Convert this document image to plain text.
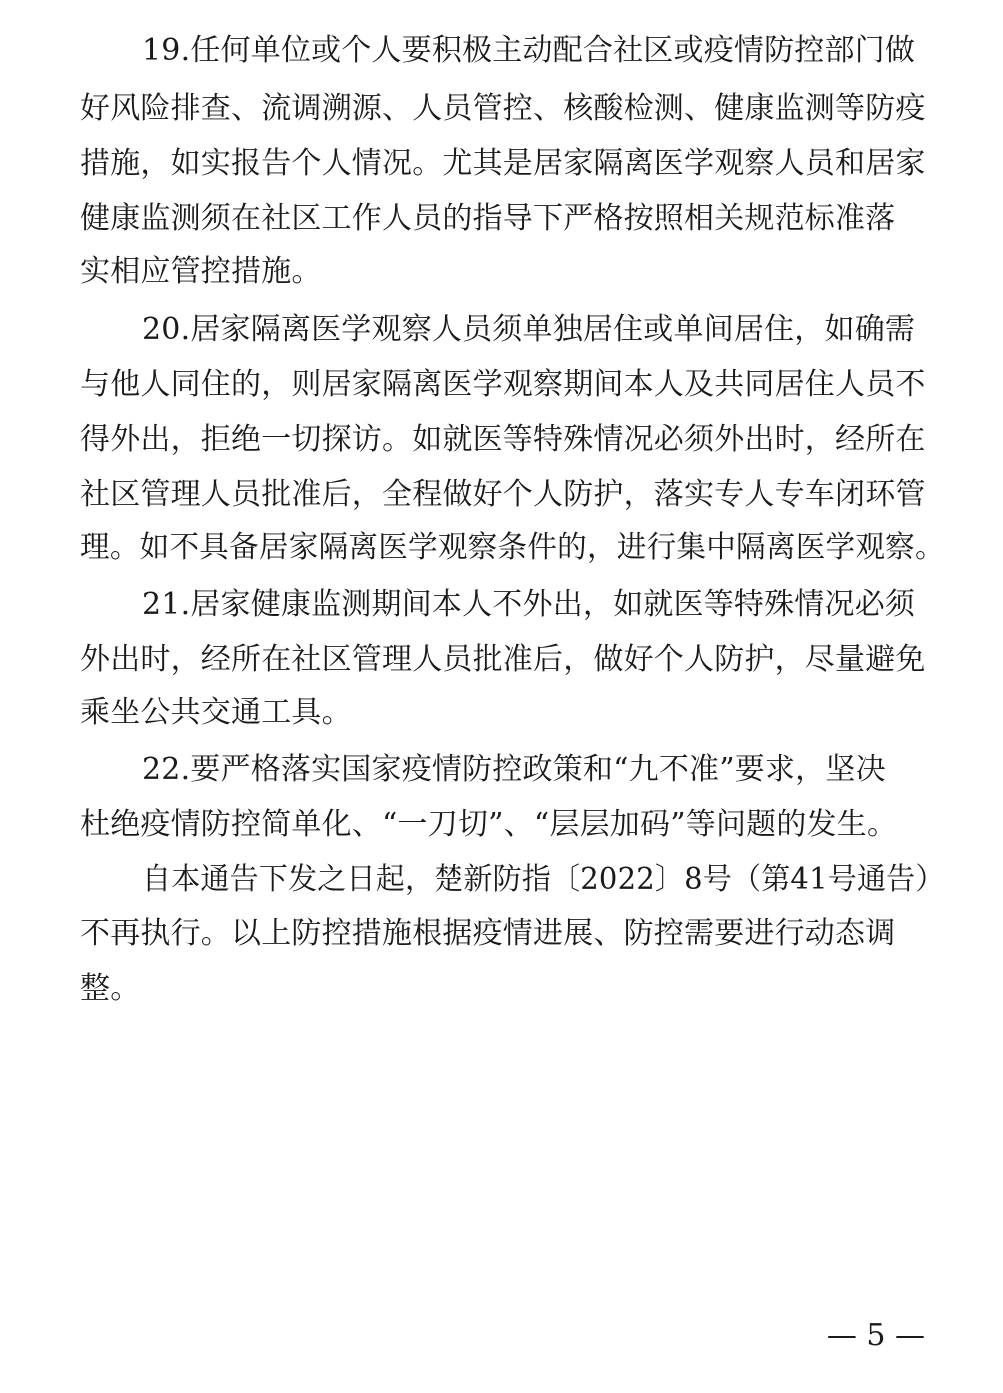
19.任何单位或个人要积极主动配合社区或疫情防控部门做
好风险排查、流调溯源、人员管控、核酸检测、健康监测等防疫
措施，如实报告个人情况。尤其是居家隔离医学观察人员和居家
健康监测须在社区工作人员的指导下严格按照相关规范标准落
实相应管控措施。
20.居家隔离医学观察人员须单独居住或单间居住，如确需
与他人同住的，则居家隔离医学观察期间本人及共同居住人员不
得外出，拒绝一切探访。如就医等特殊情况必须外出时，经所在
社区管理人员批准后，全程做好个人防护，落实专人专车闭环管
理。如不具备居家隔离医学观察条件的，进行集中隔离医学观察。
21.居家健康监测期间本人不外出，如就医等特殊情况必须
外出时，经所在社区管理人员批准后，做好个人防护，尽量避免
乘坐公共交通工具。
22.要严格落实国家疫情防控政策和“九不准”要求，坚决
杜绝疫情防控简单化、“一刀切”、“层层加码”等问题的发生。
自本通告下发之日起，楚新防指〔2022〕8号（第41号通告）
不再执行。以上防控措施根据疫情进展、防控需要进行动态调
整。
— 5 —
